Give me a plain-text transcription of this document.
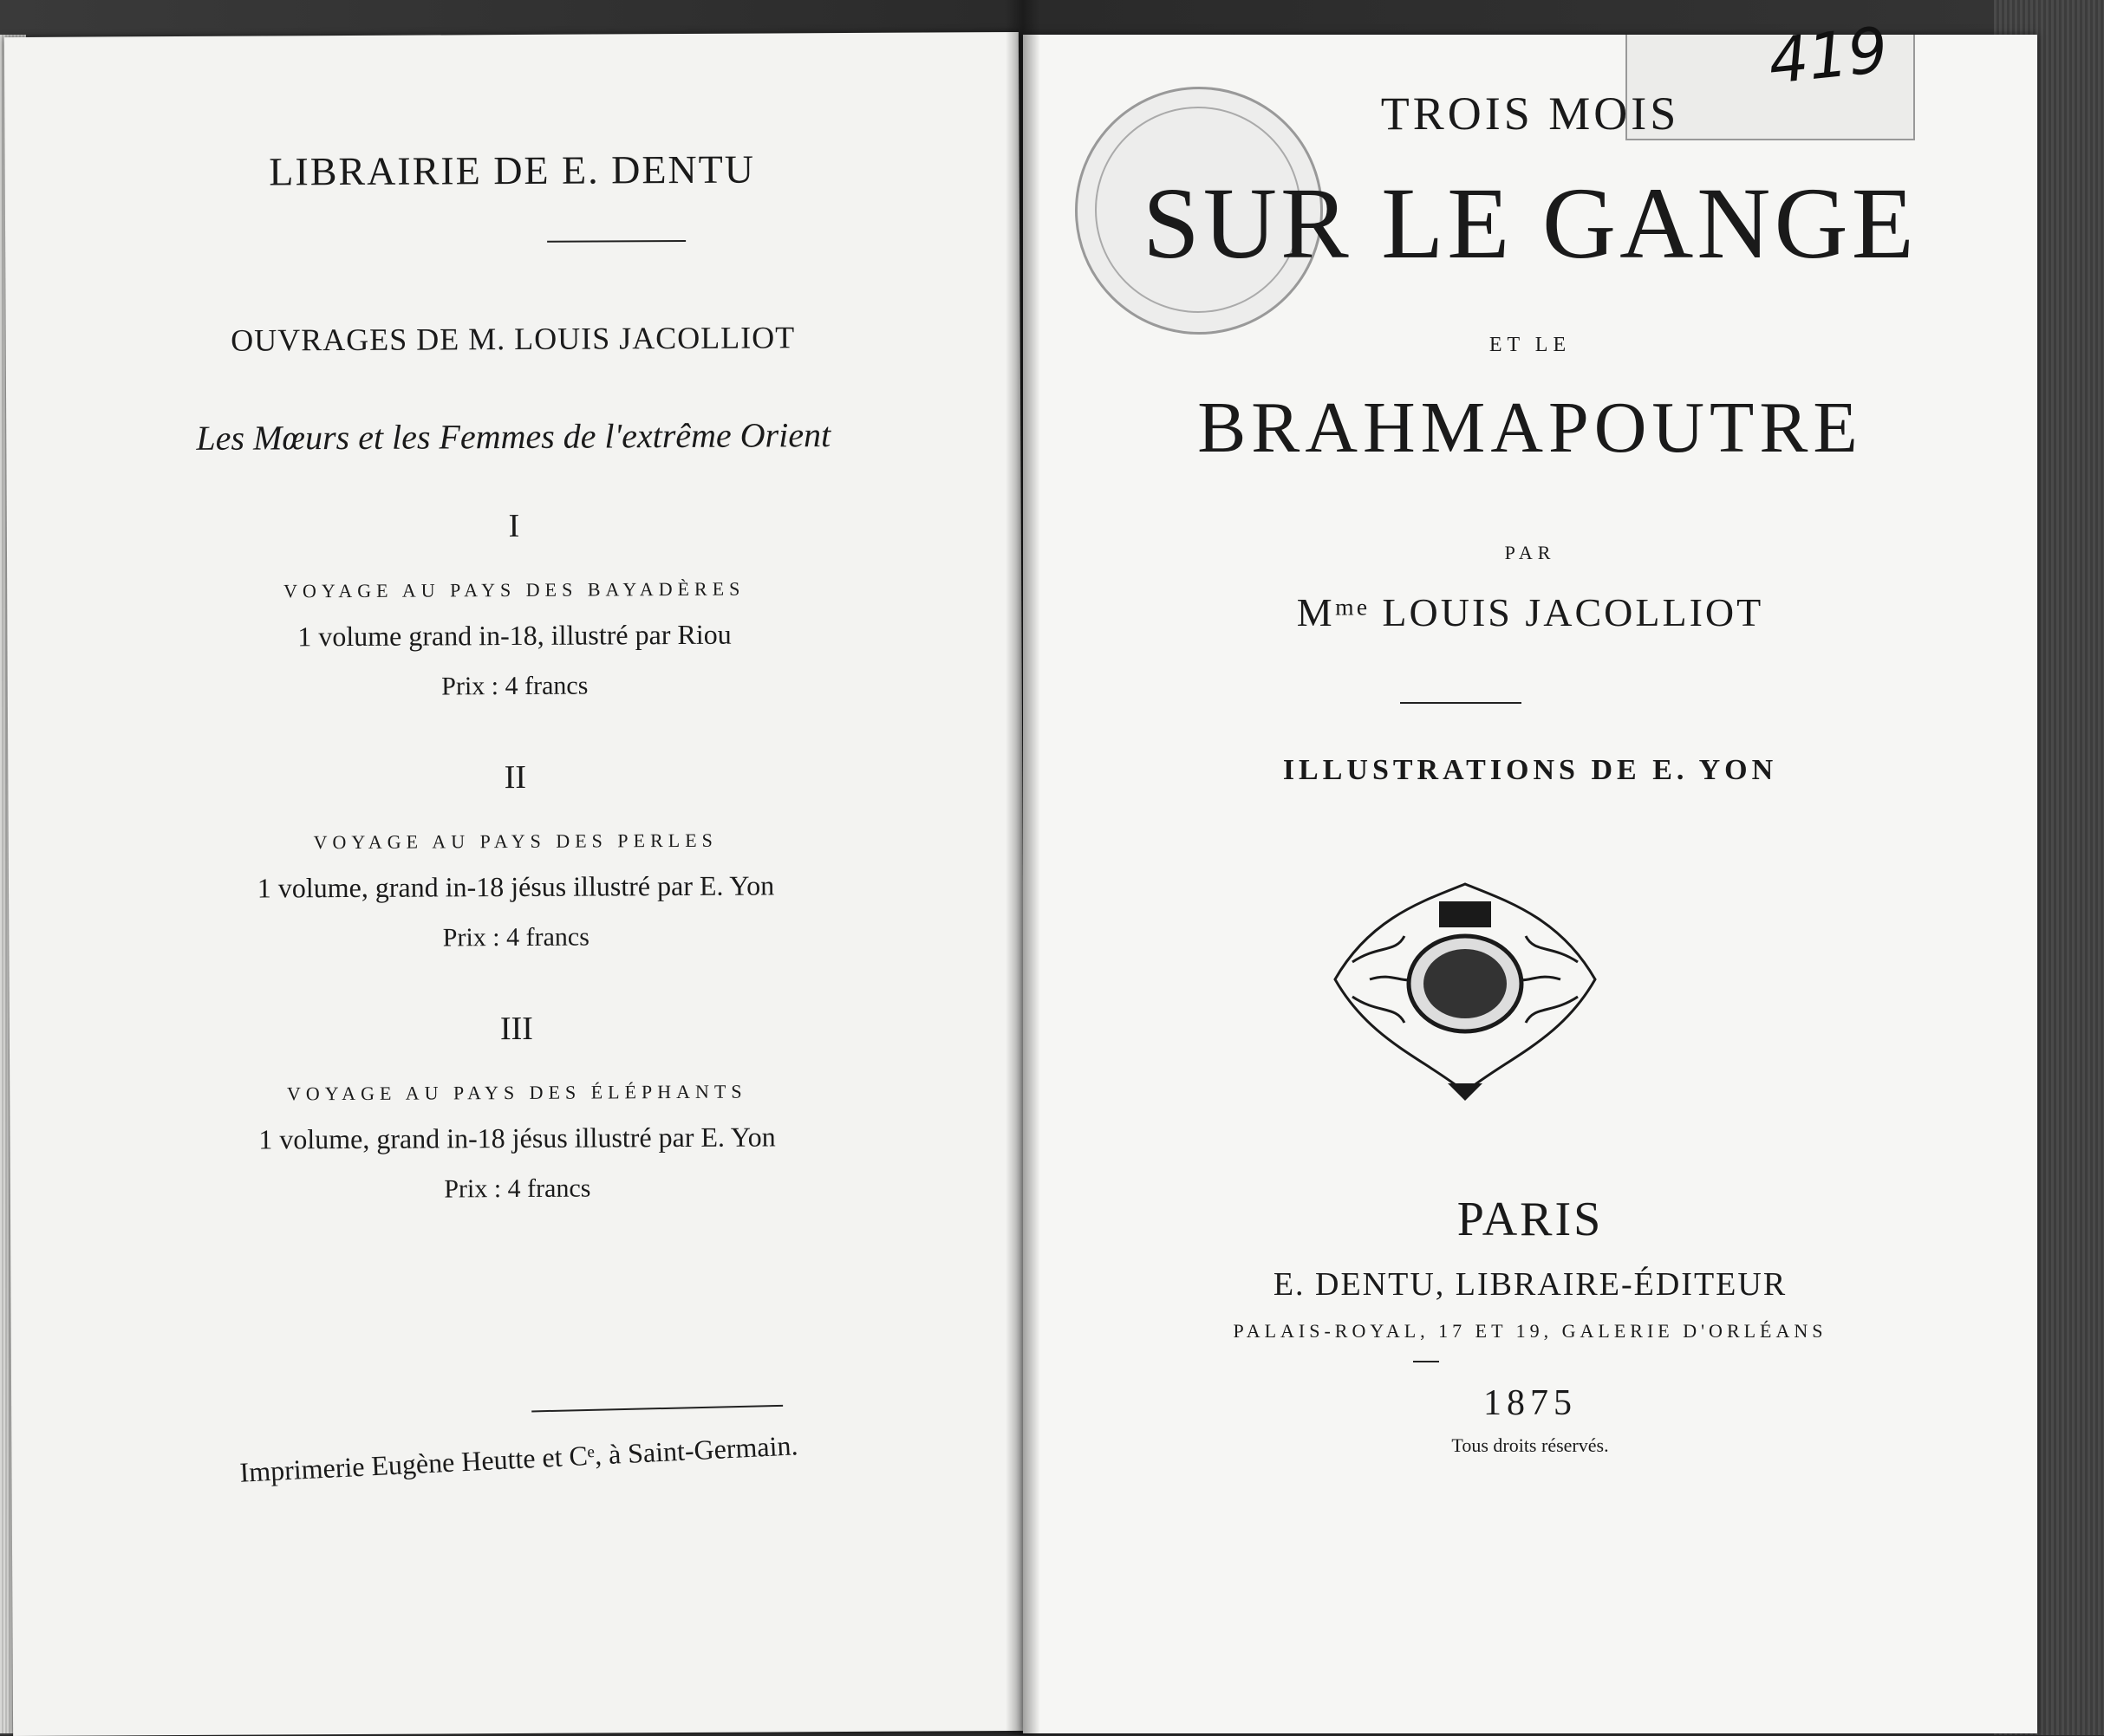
LIBRAIRIE DE E. DENTU
OUVRAGES DE M. LOUIS JACOLLIOT
Les Mœurs et les Femmes de l'extrême Orient
I
VOYAGE AU PAYS DES BAYADÈRES
1 volume grand in-18, illustré par Riou
Prix : 4 francs
II
VOYAGE AU PAYS DES PERLES
1 volume, grand in-18 jésus illustré par E. Yon
Prix : 4 francs
III
VOYAGE AU PAYS DES ÉLÉPHANTS
1 volume, grand in-18 jésus illustré par E. Yon
Prix : 4 francs
Imprimerie Eugène Heutte et Cᵉ, à Saint-Germain.
419
TROIS MOIS
SUR LE GANGE
ET LE
BRAHMAPOUTRE
PAR
Mᵐᵉ LOUIS JACOLLIOT
ILLUSTRATIONS DE E. YON
PARIS
E. DENTU, LIBRAIRE-ÉDITEUR
PALAIS-ROYAL, 17 ET 19, GALERIE D'ORLÉANS
1875
Tous droits réservés.
